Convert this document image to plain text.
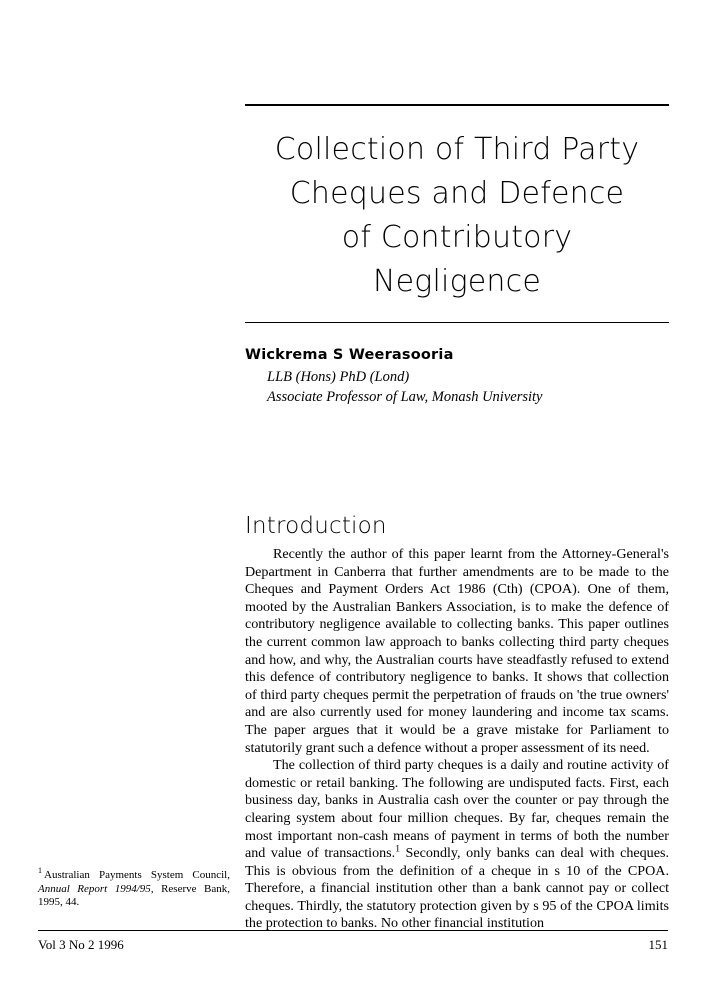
Collection of Third Party
Cheques and Defence
of Contributory
Negligence
Wickrema S Weerasooria
LLB (Hons) PhD (Lond)
Associate Professor of Law, Monash University
Introduction

Recently the author of this paper learnt from the Attorney-General's Department in Canberra that further amendments are to be made to the Cheques and Payment Orders Act 1986 (Cth) (CPOA). One of them, mooted by the Australian Bankers Association, is to make the defence of contributory negligence available to collecting banks. This paper outlines the current common law approach to banks collecting third party cheques and how, and why, the Australian courts have steadfastly refused to extend this defence of contributory negligence to banks. It shows that collection of third party cheques permit the perpetration of frauds on 'the true owners' and are also currently used for money laundering and income tax scams. The paper argues that it would be a grave mistake for Parliament to statutorily grant such a defence without a proper assessment of its need.

The collection of third party cheques is a daily and routine activity of domestic or retail banking. The following are undisputed facts. First, each business day, banks in Australia cash over the counter or pay through the clearing system about four million cheques. By far, cheques remain the most important non-cash means of payment in terms of both the number and value of transactions.$^1$ Secondly, only banks can deal with cheques. This is obvious from the definition of a cheque in s 10 of the CPOA. Therefore, a financial institution other than a bank cannot pay or collect cheques. Thirdly, the statutory protection given by s 95 of the CPOA limits the protection to banks. No other financial institution

$^1$ Australian Payments System Council, Annual Report 1994/95, Reserve Bank, 1995, 44.
Vol 3 No 2 1996	151
